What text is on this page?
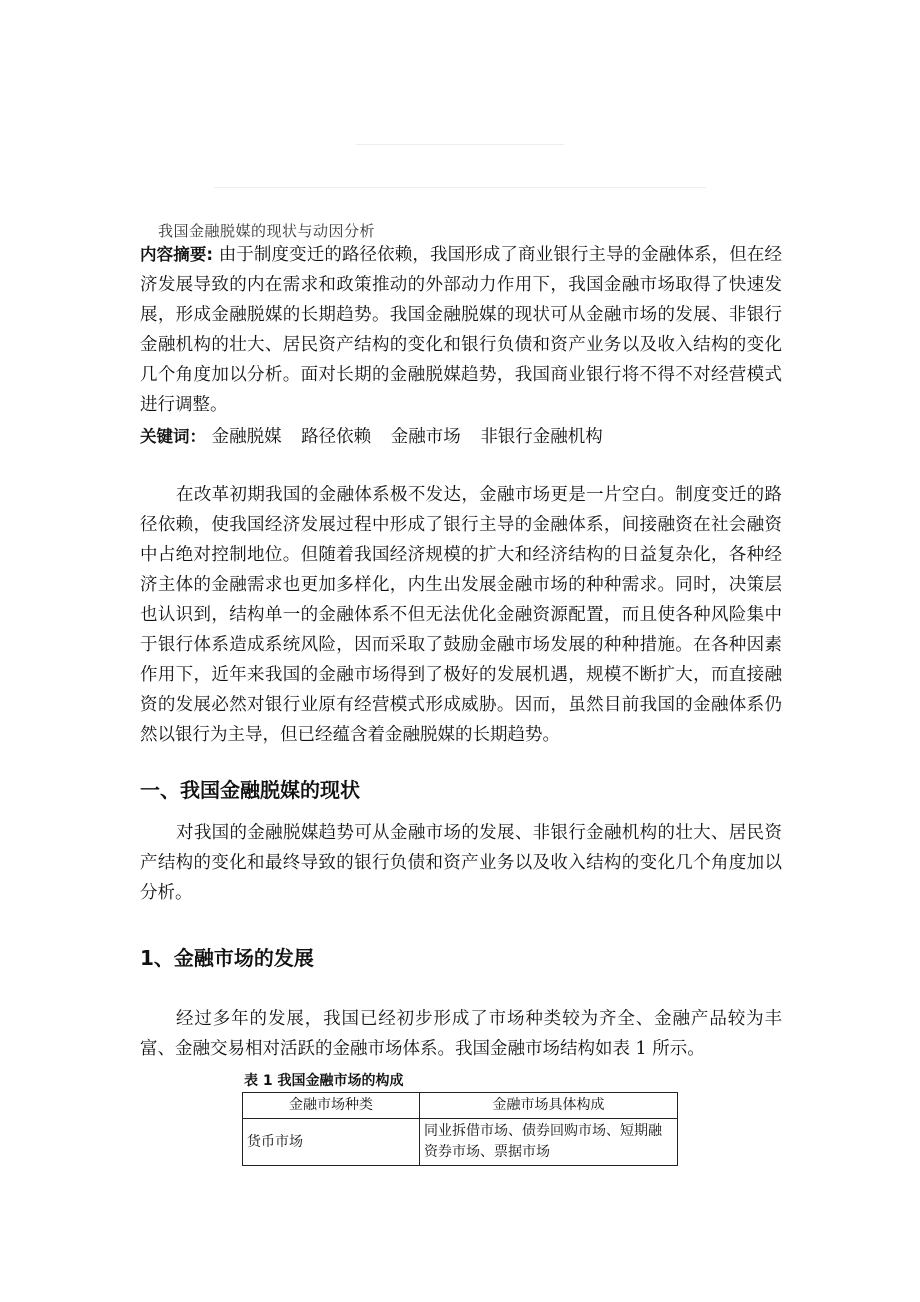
我国金融脱媒的现状与动因分析
内容摘要: 由于制度变迁的路径依赖，我国形成了商业银行主导的金融体系，但在经济发展导致的内在需求和政策推动的外部动力作用下，我国金融市场取得了快速发展，形成金融脱媒的长期趋势。我国金融脱媒的现状可从金融市场的发展、非银行金融机构的壮大、居民资产结构的变化和银行负债和资产业务以及收入结构的变化几个角度加以分析。面对长期的金融脱媒趋势，我国商业银行将不得不对经营模式进行调整。
关键词： 金融脱媒 路径依赖 金融市场 非银行金融机构
在改革初期我国的金融体系极不发达，金融市场更是一片空白。制度变迁的路径依赖，使我国经济发展过程中形成了银行主导的金融体系，间接融资在社会融资中占绝对控制地位。但随着我国经济规模的扩大和经济结构的日益复杂化，各种经济主体的金融需求也更加多样化，内生出发展金融市场的种种需求。同时，决策层也认识到，结构单一的金融体系不但无法优化金融资源配置，而且使各种风险集中于银行体系造成系统风险，因而采取了鼓励金融市场发展的种种措施。在各种因素作用下，近年来我国的金融市场得到了极好的发展机遇，规模不断扩大，而直接融资的发展必然对银行业原有经营模式形成威胁。因而，虽然目前我国的金融体系仍然以银行为主导，但已经蕴含着金融脱媒的长期趋势。
一、我国金融脱媒的现状
对我国的金融脱媒趋势可从金融市场的发展、非银行金融机构的壮大、居民资产结构的变化和最终导致的银行负债和资产业务以及收入结构的变化几个角度加以分析。
1、金融市场的发展
经过多年的发展，我国已经初步形成了市场种类较为齐全、金融产品较为丰富、金融交易相对活跃的金融市场体系。我国金融市场结构如表 1 所示。
表 1 我国金融市场的构成
金融市场种类	金融市场具体构成
货币市场	同业拆借市场、债券回购市场、短期融资券市场、票据市场
